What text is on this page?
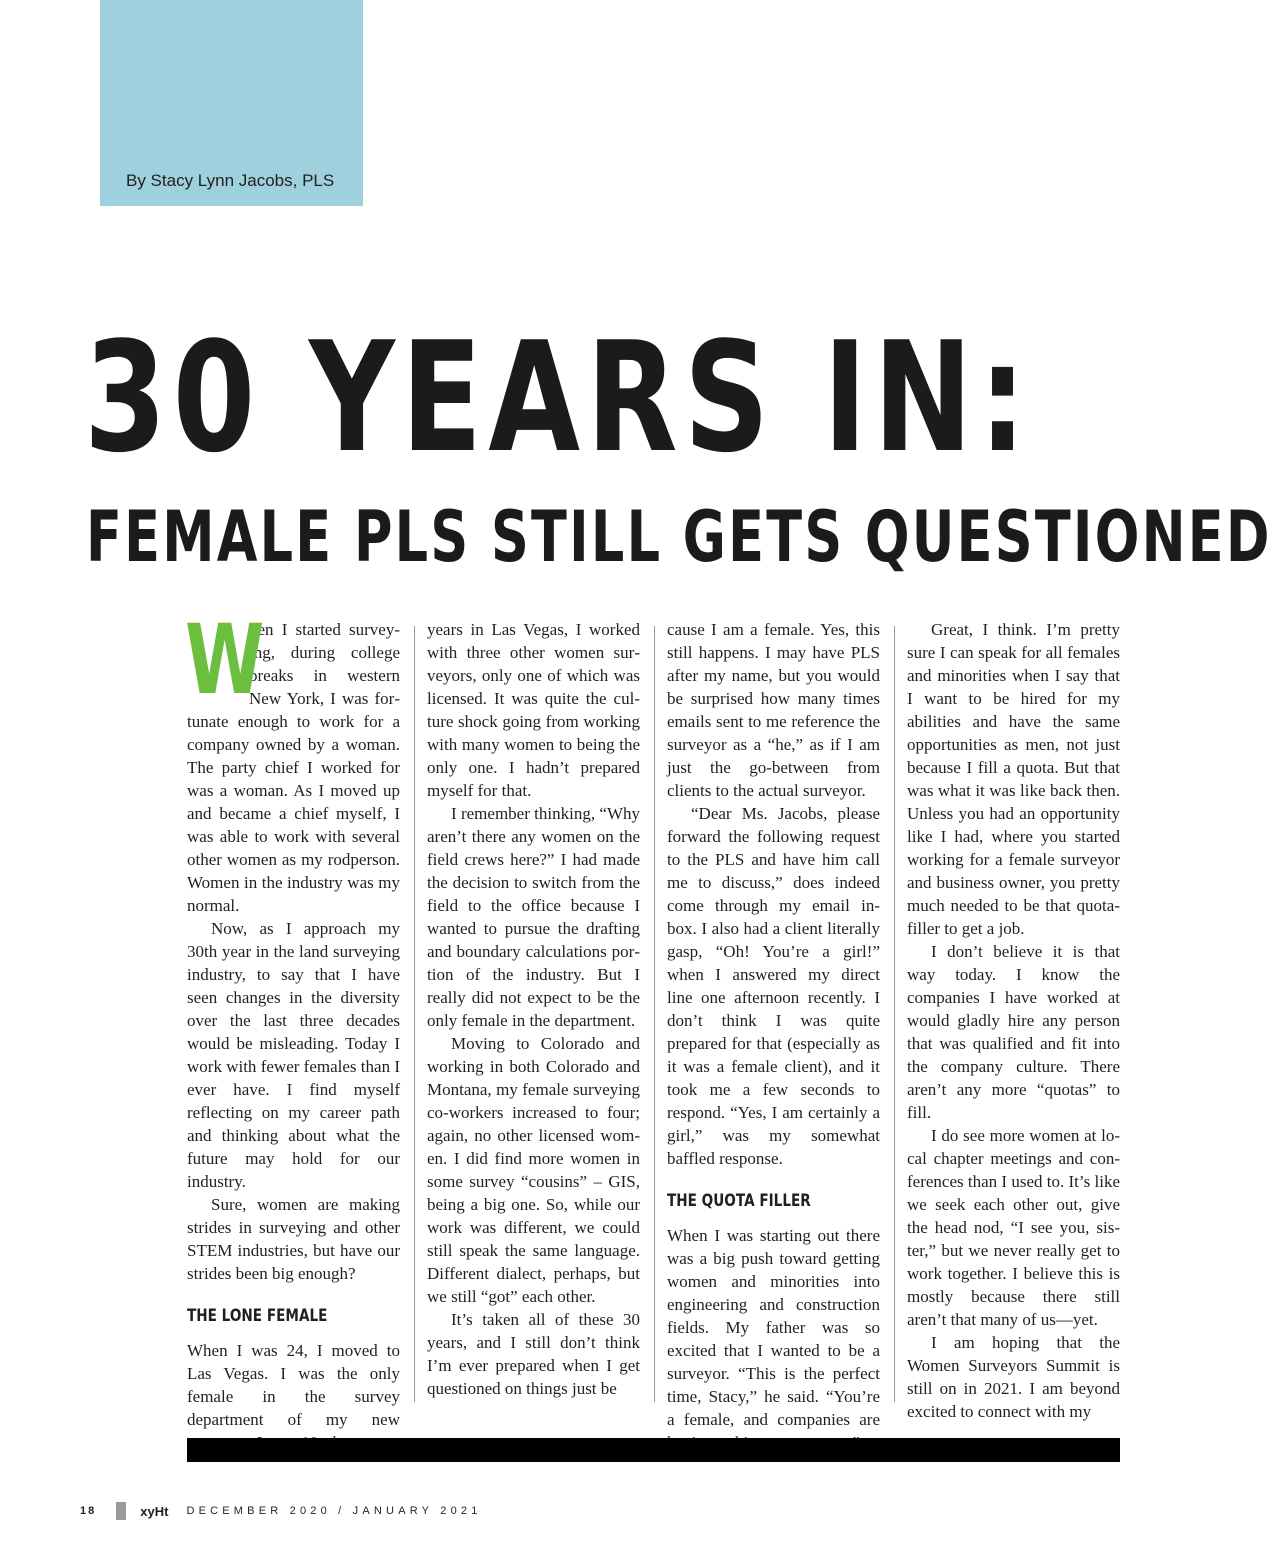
By Stacy Lynn Jacobs, PLS
30 YEARS IN:
FEMALE PLS STILL GETS QUESTIONED
W

hen I started surveying, during college breaks in western New York, I was fortunate enough to work for a company owned by a woman. The party chief I worked for was a woman. As I moved up and became a chief myself, I was able to work with several other women as my rodperson. Women in the industry was my normal.

Now, as I approach my 30th year in the land surveying industry, to say that I have seen changes in the diversity over the last three decades would be misleading. Today I work with fewer females than I ever have. I find myself reflecting on my career path and thinking about what the future may hold for our industry.

Sure, women are making strides in surveying and other STEM industries, but have our strides been big enough?

THE LONE FEMALE

When I was 24, I moved to Las Vegas. I was the only female in the survey department of my new

years in Las Vegas, I worked with three other women surveyors, only one of which was licensed. It was quite the culture shock going from working with many women to being the only one. I hadn’t prepared myself for that.

I remember thinking, “Why aren’t there any women on the field crews here?” I had made the decision to switch from the field to the office because I wanted to pursue the drafting and boundary calculations portion of the industry. But I really did not expect to be the only female in the department.

Moving to Colorado and working in both Colorado and Montana, my female surveying co-workers increased to four; again, no other licensed women. I did find more women in some survey “cousins” – GIS, being a big one. So, while our work was different, we could still speak the same language. Different dialect, perhaps, but we still “got” each other.

It’s taken all of these 30 years, and I still don’t think I’m ever prepared when I get questioned on things just be

cause I am a female. Yes, this still happens. I may have PLS after my name, but you would be surprised how many times emails sent to me reference the surveyor as a “he,” as if I am just the go-between from clients to the actual surveyor.

“Dear Ms. Jacobs, please forward the following request to the PLS and have him call me to discuss,” does indeed come through my email in-box. I also had a client literally gasp, “Oh! You’re a girl!” when I answered my direct line one afternoon recently. I don’t think I was quite prepared for that (especially as it was a female client), and it took me a few seconds to respond. “Yes, I am certainly a girl,” was my somewhat baffled response.

THE QUOTA FILLER

When I was starting out there was a big push toward getting women and minorities into engineering and construction fields. My father was so excited that I wanted to be a surveyor. “This is the perfect time, Stacy,” he said. “You’re a female, and companies are

Great, I think. I’m pretty sure I can speak for all females and minorities when I say that I want to be hired for my abilities and have the same opportunities as men, not just because I fill a quota. But that was what it was like back then. Unless you had an opportunity like I had, where you started working for a female surveyor and business owner, you pretty much needed to be that quota-filler to get a job.

I don’t believe it is that way today. I know the companies I have worked at would gladly hire any person that was qualified and fit into the company culture. There aren’t any more “quotas” to fill.

I do see more women at local chapter meetings and conferences than I used to. It’s like we seek each other out, give the head nod, “I see you, sister,” but we never really get to work together. I believe this is mostly because there still aren’t that many of us—yet.

I am hoping that the Women Surveyors Summit is still on in 2021. I am beyond excited to connect with my

18	xyHt DECEMBER 2020 / JANUARY 2021
